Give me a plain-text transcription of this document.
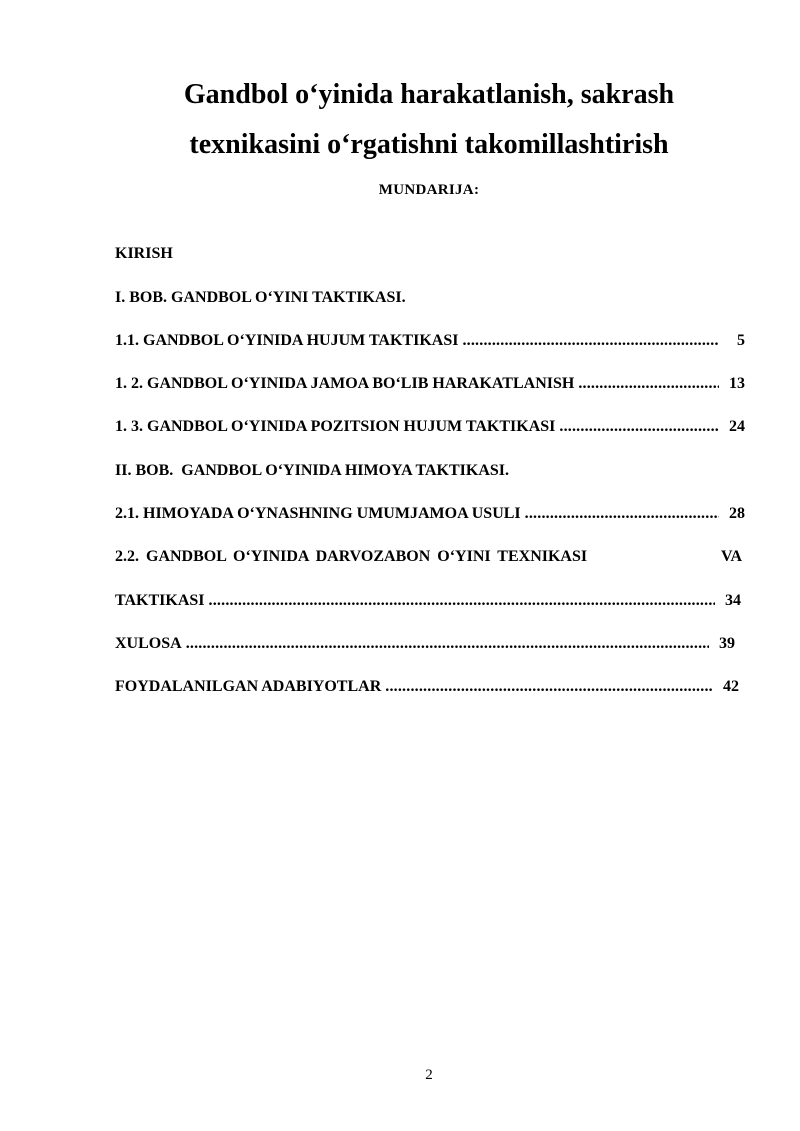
Gandbol o‘yinida harakatlanish, sakrash
texnikasini o‘rgatishni takomillashtirish
MUNDARIJA:
KIRISH
I. BOB. GANDBOL O‘YINI TAKTIKASI.
1.1. GANDBOL O‘YINIDA HUJUM TAKTIKASI .....	5
1. 2. GANDBOL O‘YINIDA JAMOA BO‘LIB HARAKATLANISH .....	13
1. 3. GANDBOL O‘YINIDA POZITSION HUJUM TAKTIKASI .....	24
II. BOB.  GANDBOL O‘YINIDA HIMOYA TAKTIKASI.
2.1. HIMOYADA O‘YNASHNING UMUMJAMOA USULI .....	28
2.2. GANDBOL O‘YINIDA DARVOZABON O‘YINI TEXNIKASI	VA
TAKTIKASI .....	34
XULOSA .....	39
FOYDALANILGAN ADABIYOTLAR .....	42
2
